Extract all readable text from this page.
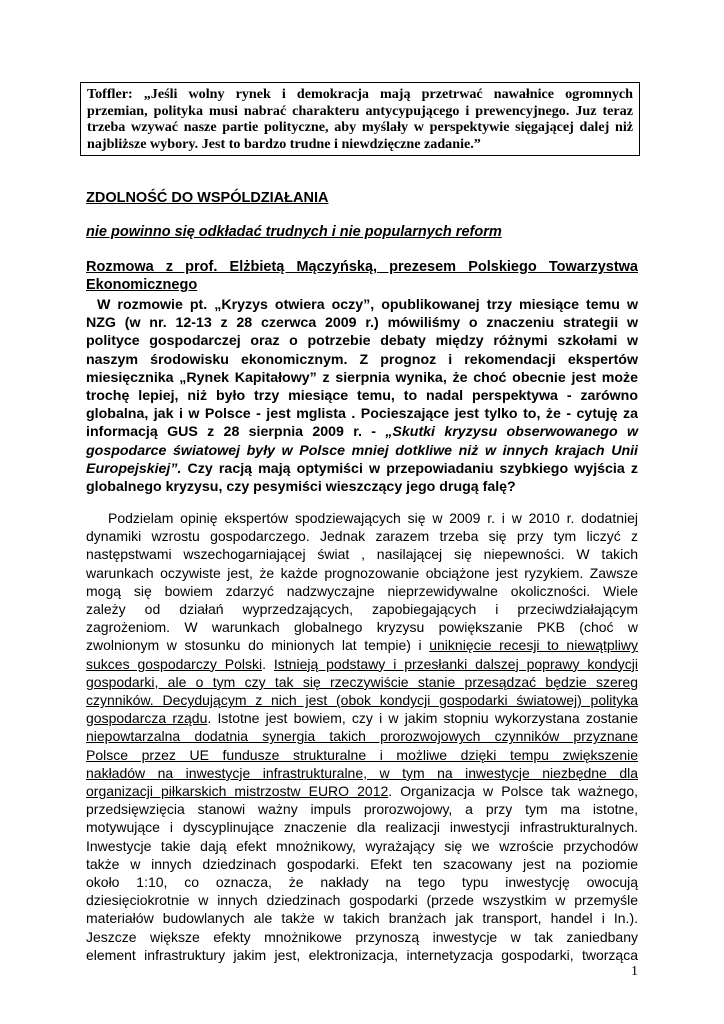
Toffler: „Jeśli wolny rynek i demokracja mają przetrwać nawałnice ogromnych
przemian, polityka musi nabrać charakteru antycypującego i prewencyjnego. Juz teraz
trzeba wzywać nasze partie polityczne, aby myślały w perspektywie sięgającej dalej niż
najbliższe wybory. Jest to bardzo trudne i niewdzięczne zadanie.”
ZDOLNOŚĆ DO WSPÓLDZIAŁANIA
nie powinno się odkładać trudnych i nie popularnych reform
Rozmowa z prof. Elżbietą Mączyńską, prezesem Polskiego Towarzystwa
Ekonomicznego
W rozmowie pt. „Kryzys otwiera oczy”, opublikowanej trzy miesiące temu w
NZG (w nr. 12-13 z 28 czerwca 2009 r.) mówiliśmy o znaczeniu strategii w
polityce gospodarczej oraz o potrzebie debaty między różnymi szkołami w
naszym środowisku ekonomicznym. Z prognoz i rekomendacji ekspertów
miesięcznika „Rynek Kapitałowy” z sierpnia wynika, że choć obecnie jest może
trochę lepiej, niż było trzy miesiące temu, to nadal perspektywa - zarówno
globalna, jak i w Polsce - jest mglista . Pocieszające jest tylko to, że - cytuję za
informacją GUS z 28 sierpnia 2009 r. - „Skutki kryzysu obserwowanego w
gospodarce światowej były w Polsce mniej dotkliwe niż w innych krajach Unii
Europejskiej”. Czy racją mają optymiści w przepowiadaniu szybkiego wyjścia z
globalnego kryzysu, czy pesymiści wieszczący jego drugą falę?
Podzielam opinię ekspertów spodziewających się w 2009 r. i w 2010 r. dodatniej
dynamiki wzrostu gospodarczego. Jednak zarazem trzeba się przy tym liczyć z
następstwami wszechogarniającej świat , nasilającej się niepewności. W takich
warunkach oczywiste jest, że każde prognozowanie obciążone jest ryzykiem. Zawsze
mogą się bowiem zdarzyć nadzwyczajne nieprzewidywalne okoliczności. Wiele
zależy od działań wyprzedzających, zapobiegających i przeciwdziałającym
zagrożeniom. W warunkach globalnego kryzysu powiększanie PKB (choć w
zwolnionym w stosunku do minionych lat tempie) i uniknięcie recesji to niewątpliwy
sukces gospodarczy Polski. Istnieją podstawy i przesłanki dalszej poprawy kondycji
gospodarki, ale o tym czy tak się rzeczywiście stanie przesądzać będzie szereg
czynników. Decydującym z nich jest (obok kondycji gospodarki światowej) polityka
gospodarcza rządu. Istotne jest bowiem, czy i w jakim stopniu wykorzystana zostanie
niepowtarzalna dodatnia synergia takich prorozwojowych czynników przyznane
Polsce przez UE fundusze strukturalne i możliwe dzięki tempu zwiększenie
nakładów na inwestycje infrastrukturalne, w tym na inwestycje niezbędne dla
organizacji piłkarskich mistrzostw EURO 2012. Organizacja w Polsce tak ważnego,
przedsięwzięcia stanowi ważny impuls prorozwojowy, a przy tym ma istotne,
motywujące i dyscyplinujące znaczenie dla realizacji inwestycji infrastrukturalnych.
Inwestycje takie dają efekt mnożnikowy, wyrażający się we wzroście przychodów
także w innych dziedzinach gospodarki. Efekt ten szacowany jest na poziomie
około 1:10, co oznacza, że nakłady na tego typu inwestycję owocują
dziesięciokrotnie w innych dziedzinach gospodarki (przede wszystkim w przemyśle
materiałów budowlanych ale także w takich branżach jak transport, handel i In.).
Jeszcze większe efekty mnożnikowe przynoszą inwestycje w tak zaniedbany
element infrastruktury jakim jest, elektronizacja, internetyzacja gospodarki, tworząca
1
